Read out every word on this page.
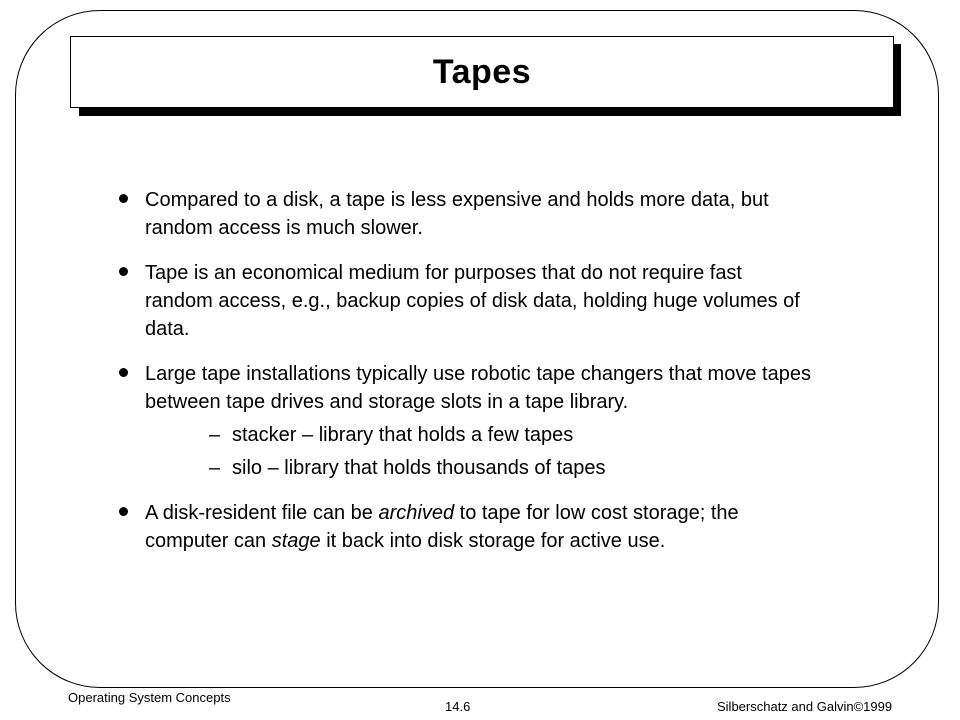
Tapes
Compared to a disk, a tape is less expensive and holds more data, but random access is much slower.
Tape is an economical medium for purposes that do not require fast random access, e.g., backup copies of disk data, holding huge volumes of data.
Large tape installations typically use robotic tape changers that move tapes between tape drives and storage slots in a tape library.
– stacker – library that holds a few tapes
– silo – library that holds thousands of tapes
A disk-resident file can be archived to tape for low cost storage; the computer can stage it back into disk storage for active use.
Operating System Concepts
14.6	Silberschatz and Galvin©1999
